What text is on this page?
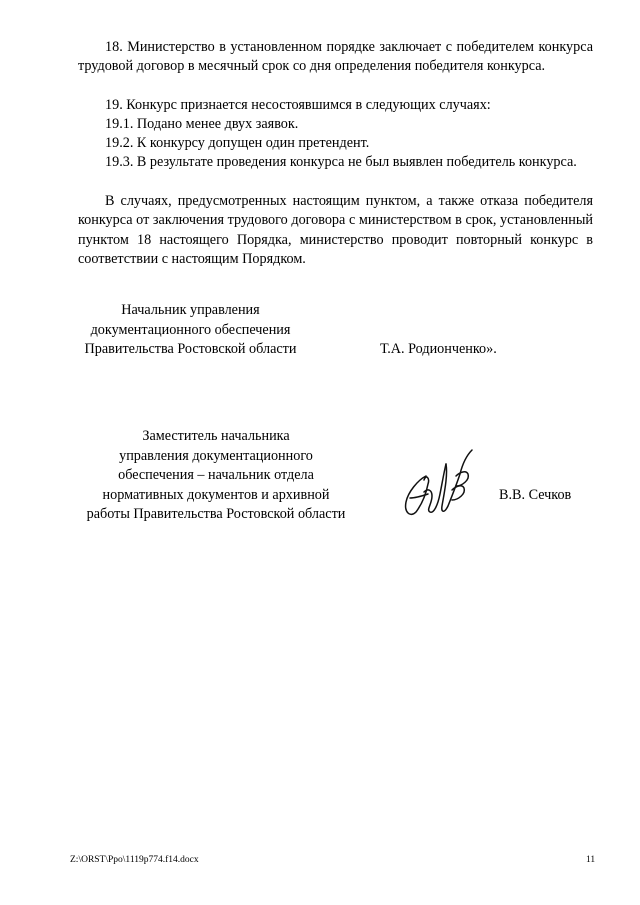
18. Министерство в установленном порядке заключает с победителем конкурса трудовой договор в месячный срок со дня определения победителя конкурса.

19. Конкурс признается несостоявшимся в следующих случаях:

19.1. Подано менее двух заявок.

19.2. К конкурсу допущен один претендент.

19.3. В результате проведения конкурса не был выявлен победитель конкурса.

В случаях, предусмотренных настоящим пунктом, а также отказа победителя конкурса от заключения трудового договора с министерством в срок, установленный пунктом 18 настоящего Порядка, министерство проводит повторный конкурс в соответствии с настоящим Порядком.

Начальник управления
документационного обеспечения
Правительства Ростовской области	Т.А. Родионченко».
Заместитель начальника
управления документационного
обеспечения – начальник отдела
нормативных документов и архивной
работы Правительства Ростовской области
В.В. Сечков
Z:\ORST\Ppo\1119p774.f14.docx	11
